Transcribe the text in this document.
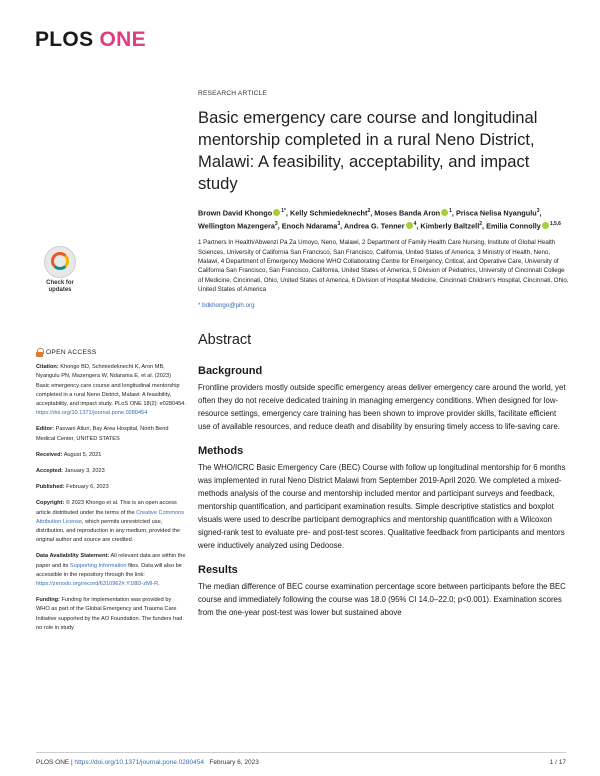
PLOS ONE
Check for
updates
RESEARCH ARTICLE
Basic emergency care course and longitudinal mentorship completed in a rural Neno District, Malawi: A feasibility, acceptability, and impact study
Brown David Khongo $^{1*}$, Kelly Schmiedeknecht$^2$, Moses Banda Aron $^1$, Prisca Nelisa Nyangulu$^3$, Wellington Mazengera$^3$, Enoch Ndarama$^3$, Andrea G. Tenner $^4$, Kimberly Baltzell$^2$, Emilia Connolly $^{1,5,6}$
1 Partners In Health/Abwenzi Pa Za Umoyo, Neno, Malawi, 2 Department of Family Health Care Nursing, Institute of Global Health Sciences, University of California San Francisco, San Francisco, California, United States of America, 3 Ministry of Health, Neno, Malawi, 4 Department of Emergency Medicine WHO Collaborating Centre for Emergency, Critical, and Operative Care, University of California San Francisco, San Francisco, California, United States of America, 5 Division of Pediatrics, University of Cincinnati College of Medicine, Cincinnati, Ohio, United States of America, 6 Division of Hospital Medicine, Cincinnati Children's Hospital, Cincinnati, Ohio, United States of America
* bdkhongo@pih.org
Abstract
Background

Frontline providers mostly outside specific emergency areas deliver emergency care around the world, yet often they do not receive dedicated training in managing emergency conditions. When designed for low-resource settings, emergency care training has been shown to improve provider skills, facilitate efficient use of available resources, and reduce death and disability by ensuring timely access to life-saving care.

Methods

The WHO/ICRC Basic Emergency Care (BEC) Course with follow up longitudinal mentorship for 6 months was implemented in rural Neno District Malawi from September 2019-April 2020. We completed a mixed-methods analysis of the course and mentorship included mentor and participant surveys and feedback, mentorship quantification, and participant examination results. Simple descriptive statistics and boxplot visuals were used to describe participant demographics and mentorship quantification with a Wilcoxon signed-rank test to evaluate pre- and post-test scores. Qualitative feedback from participants and mentors were inductively analyzed using Dedoose.

Results

The median difference of BEC course examination percentage score between participants before the BEC course and immediately following the course was 18.0 (95% CI 14.0–22.0; p<0.001). Examination scores from the one-year post-test was lower but sustained above

OPEN ACCESS
Citation: Khongo BD, Schmiedeknecht K, Aron MB, Nyangulu PN, Mazengera W, Ndarama E, et al. (2023) Basic emergency care course and longitudinal mentorship completed in a rural Neno District, Malawi: A feasibility, acceptability, and impact study. PLoS ONE 18(2): e0280454. https://doi.org/10.1371/journal.pone.0280454
Editor: Pasvani Atluri, Bay Area Hospital, North Bend Medical Center, UNITED STATES
Received: August 5, 2021
Accepted: January 3, 2023
Published: February 6, 2023
Copyright: © 2023 Khongo et al. This is an open access article distributed under the terms of the Creative Commons Attribution License, which permits unrestricted use, distribution, and reproduction in any medium, provided the original author and source are credited.
Data Availability Statement: All relevant data are within the paper and its Supporting Information files. Data will also be accessible in the repository through the link: https://zenodo.org/record/6310962#.Y1l8D-zMI-R.
Funding: Funding for implementation was provided by WHO as part of the Global Emergency and Trauma Care Initiative supported by the AO Foundation. The funders had no role in study
PLOS ONE | https://doi.org/10.1371/journal.pone.0280454 February 6, 2023	1 / 17
